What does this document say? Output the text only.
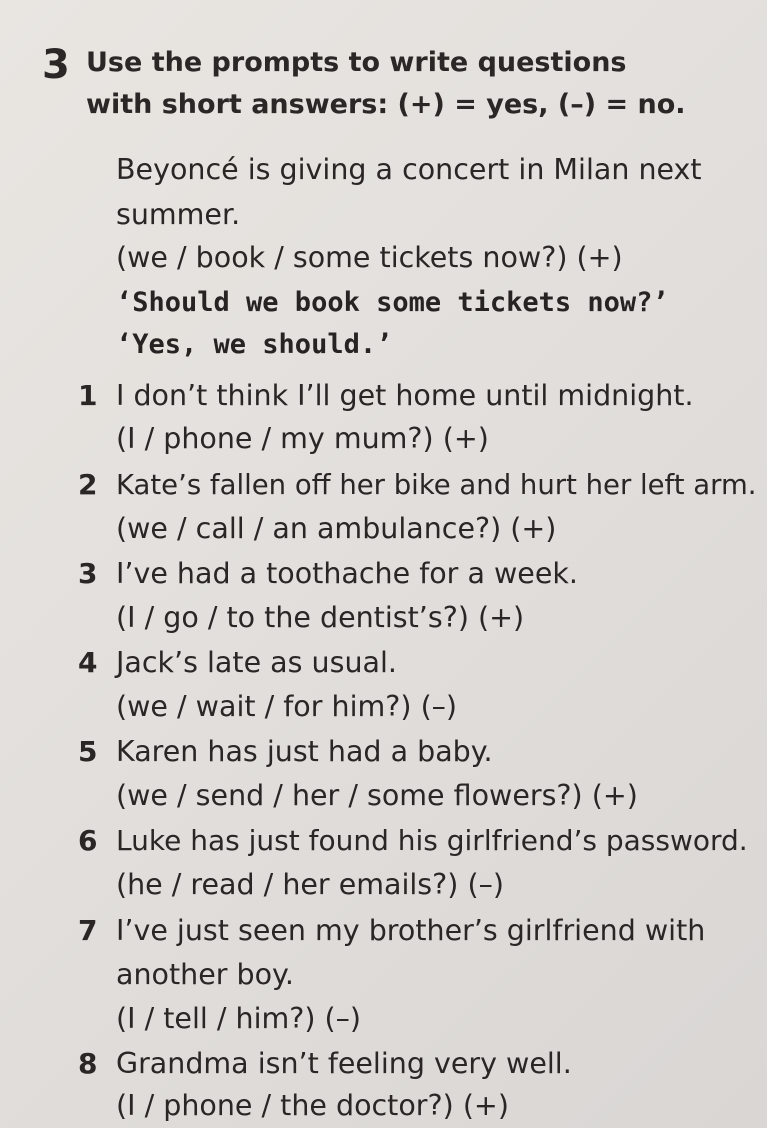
3 Use the prompts to write questions
with short answers: (+) = yes, (–) = no.
Beyoncé is giving a concert in Milan next
summer.
(we / book / some tickets now?) (+)
‘Should we book some tickets now?’
‘Yes, we should.’
1 I don’t think I’ll get home until midnight.
(I / phone / my mum?) (+)
2 Kate’s fallen off her bike and hurt her left arm.
(we / call / an ambulance?) (+)
3 I’ve had a toothache for a week.
(I / go / to the dentist’s?) (+)
4 Jack’s late as usual.
(we / wait / for him?) (–)
5 Karen has just had a baby.
(we / send / her / some flowers?) (+)
6 Luke has just found his girlfriend’s password.
(he / read / her emails?) (–)
7 I’ve just seen my brother’s girlfriend with
another boy.
(I / tell / him?) (–)
8 Grandma isn’t feeling very well.
(I / phone / the doctor?) (+)
